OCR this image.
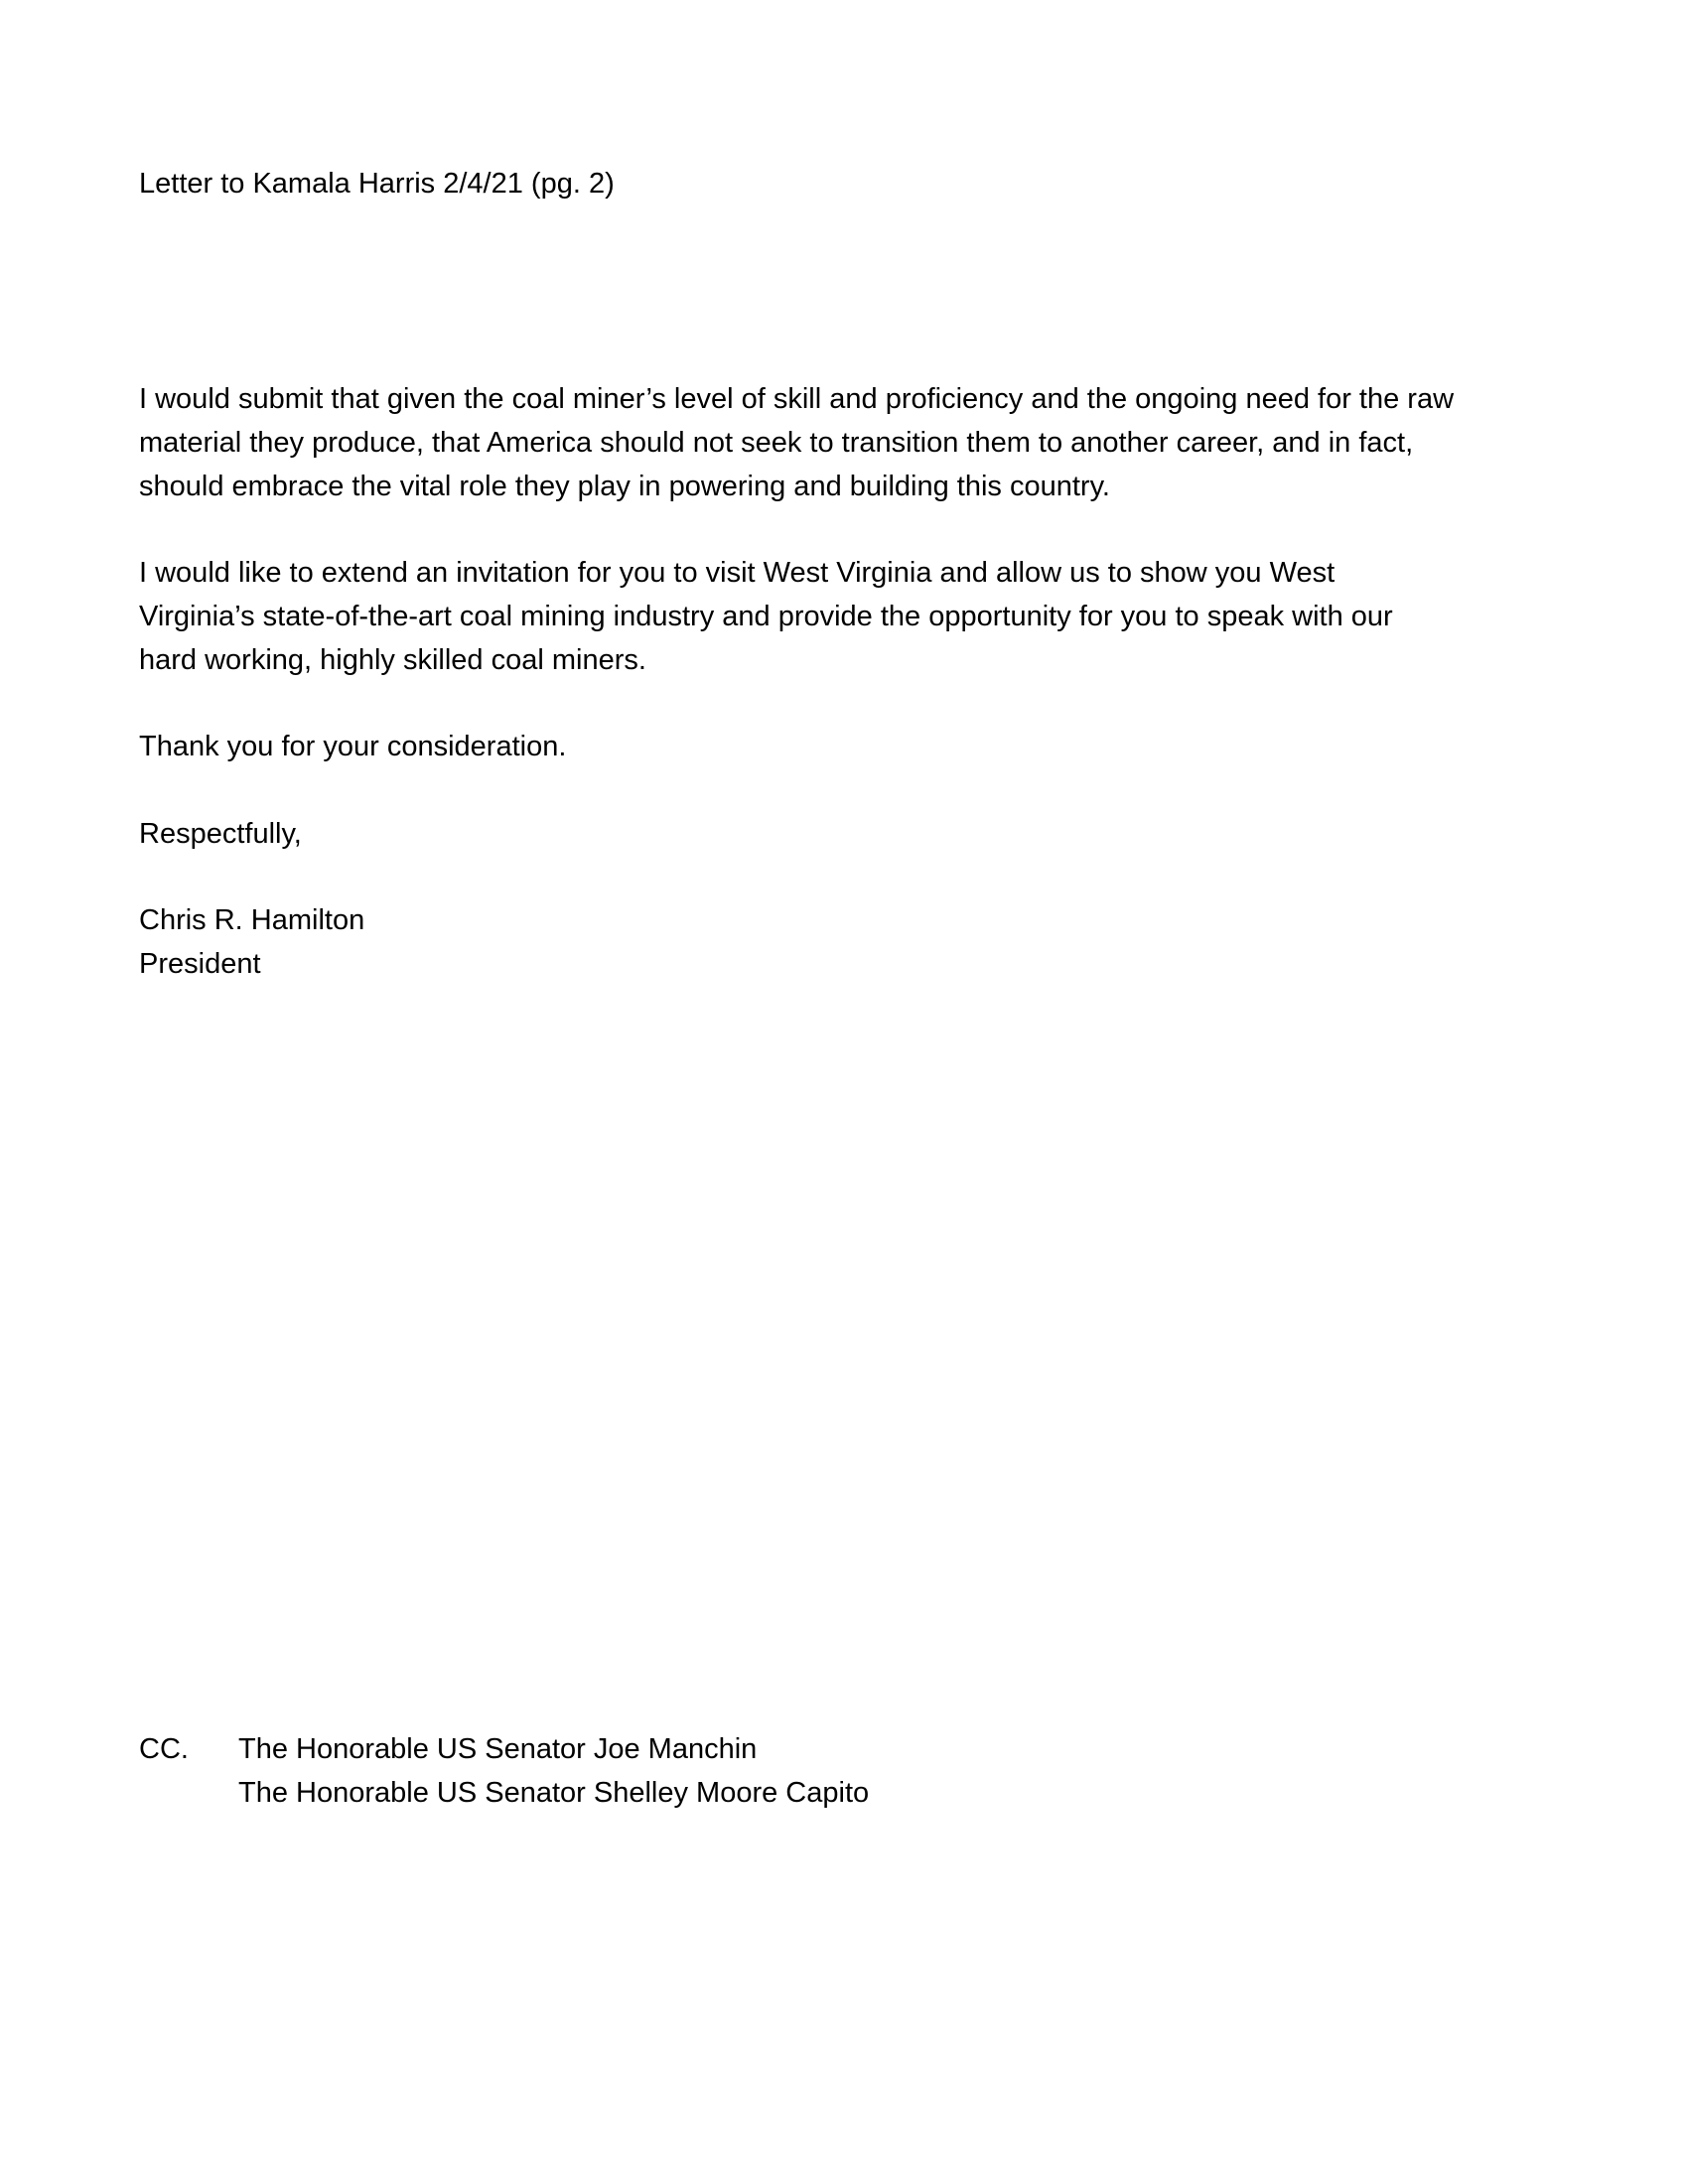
Letter to Kamala Harris 2/4/21 (pg. 2)
I would submit that given the coal miner’s level of skill and proficiency and the ongoing need for the raw
material they produce, that America should not seek to transition them to another career, and in fact,
should embrace the vital role they play in powering and building this country.
I would like to extend an invitation for you to visit West Virginia and allow us to show you West
Virginia’s state-of-the-art coal mining industry and provide the opportunity for you to speak with our
hard working, highly skilled coal miners.
Thank you for your consideration.
Respectfully,
Chris R. Hamilton
President
CC. The Honorable US Senator Joe Manchin
The Honorable US Senator Shelley Moore Capito
